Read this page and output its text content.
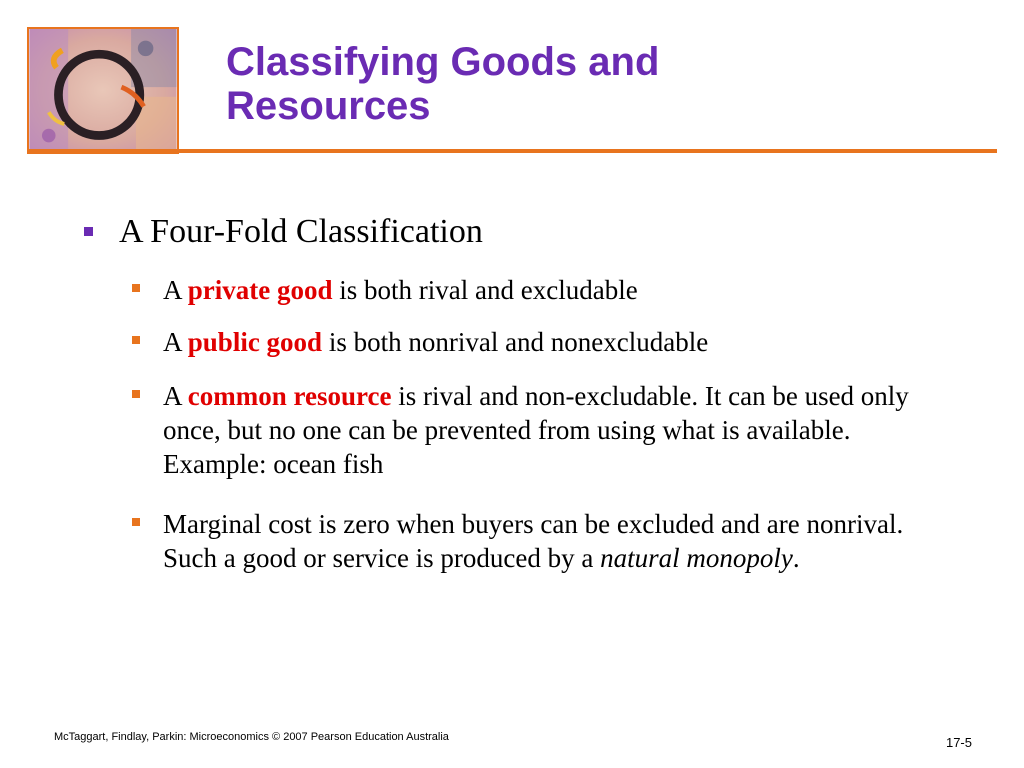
Classifying Goods and
Resources
A Four-Fold Classification
A private good is both rival and excludable
A public good is both nonrival and nonexcludable
A common resource is rival and non-excludable. It can be used only once, but no one can be prevented from using what is available. Example: ocean fish
Marginal cost is zero when buyers can be excluded and are nonrival. Such a good or service is produced by a natural monopoly.
McTaggart, Findlay, Parkin: Microeconomics © 2007 Pearson Education Australia	17-5
